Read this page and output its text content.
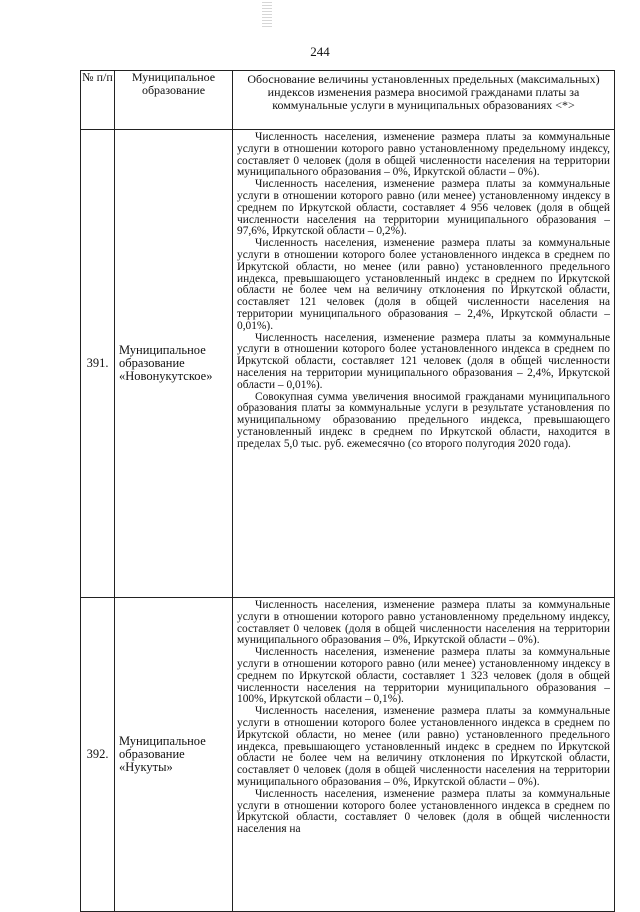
244
№ п/п	Муниципальное образование	Обоснование величины установленных предельных (максимальных) индексов изменения размера вносимой гражданами платы за коммунальные услуги в муниципальных образованиях <*>
391.	Муниципальное образование «Новонукутское»	Численность населения, изменение размера платы за коммунальные услуги в отношении которого равно установленному предельному индексу, составляет 0 человек (доля в общей численности населения на территории муниципального образования – 0%, Иркутской области – 0%).

Численность населения, изменение размера платы за коммунальные услуги в отношении которого равно (или менее) установленному индексу в среднем по Иркутской области, составляет 4 956 человек (доля в общей численности населения на территории муниципального образования – 97,6%, Иркутской области – 0,2%).

Численность населения, изменение размера платы за коммунальные услуги в отношении которого более установленного индекса в среднем по Иркутской области, но менее (или равно) установленного предельного индекса, превышающего установленный индекс в среднем по Иркутской области не более чем на величину отклонения по Иркутской области, составляет 121 человек (доля в общей численности населения на территории муниципального образования – 2,4%, Иркутской области – 0,01%).

Численность населения, изменение размера платы за коммунальные услуги в отношении которого более установленного индекса в среднем по Иркутской области, составляет 121 человек (доля в общей численности населения на территории муниципального образования – 2,4%, Иркутской области – 0,01%).

Совокупная сумма увеличения вносимой гражданами муниципального образования платы за коммунальные услуги в результате установления по муниципальному образованию предельного индекса, превышающего установленный индекс в среднем по Иркутской области, находится в пределах 5,0 тыс. руб. ежемесячно (со второго полугодия 2020 года).

392.	Муниципальное образование «Нукуты»	Численность населения, изменение размера платы за коммунальные услуги в отношении которого равно установленному предельному индексу, составляет 0 человек (доля в общей численности населения на территории муниципального образования – 0%, Иркутской области – 0%).

Численность населения, изменение размера платы за коммунальные услуги в отношении которого равно (или менее) установленному индексу в среднем по Иркутской области, составляет 1 323 человек (доля в общей численности населения на территории муниципального образования – 100%, Иркутской области – 0,1%).

Численность населения, изменение размера платы за коммунальные услуги в отношении которого более установленного индекса в среднем по Иркутской области, но менее (или равно) установленного предельного индекса, превышающего установленный индекс в среднем по Иркутской области не более чем на величину отклонения по Иркутской области, составляет 0 человек (доля в общей численности населения на территории муниципального образования – 0%, Иркутской области – 0%).

Численность населения, изменение размера платы за коммунальные услуги в отношении которого более установленного индекса в среднем по Иркутской области, составляет 0 человек (доля в общей численности населения на
